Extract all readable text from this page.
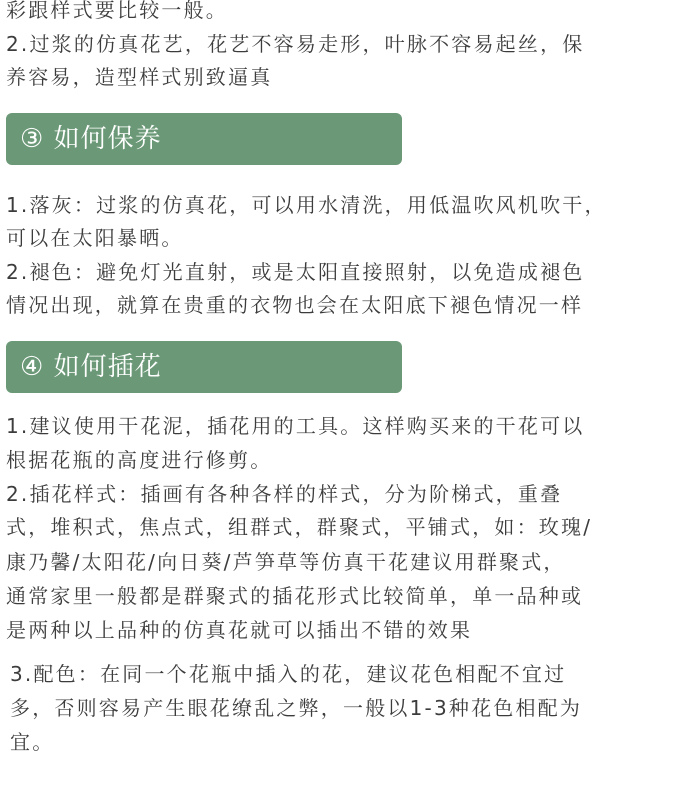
彩跟样式要比较一般。
2.过浆的仿真花艺，花艺不容易走形，叶脉不容易起丝，保
养容易，造型样式别致逼真
③ 如何保养
1.落灰：过浆的仿真花，可以用水清洗，用低温吹风机吹干，
可以在太阳暴晒。
2.褪色：避免灯光直射，或是太阳直接照射，以免造成褪色
情况出现，就算在贵重的衣物也会在太阳底下褪色情况一样
④ 如何插花
1.建议使用干花泥，插花用的工具。这样购买来的干花可以
根据花瓶的高度进行修剪。
2.插花样式：插画有各种各样的样式，分为阶梯式，重叠
式，堆积式，焦点式，组群式，群聚式，平铺式，如：玫瑰/
康乃馨/太阳花/向日葵/芦笋草等仿真干花建议用群聚式，
通常家里一般都是群聚式的插花形式比较简单，单一品种或
是两种以上品种的仿真花就可以插出不错的效果
3.配色：在同一个花瓶中插入的花，建议花色相配不宜过
多，否则容易产生眼花缭乱之弊，一般以1-3种花色相配为
宜。
